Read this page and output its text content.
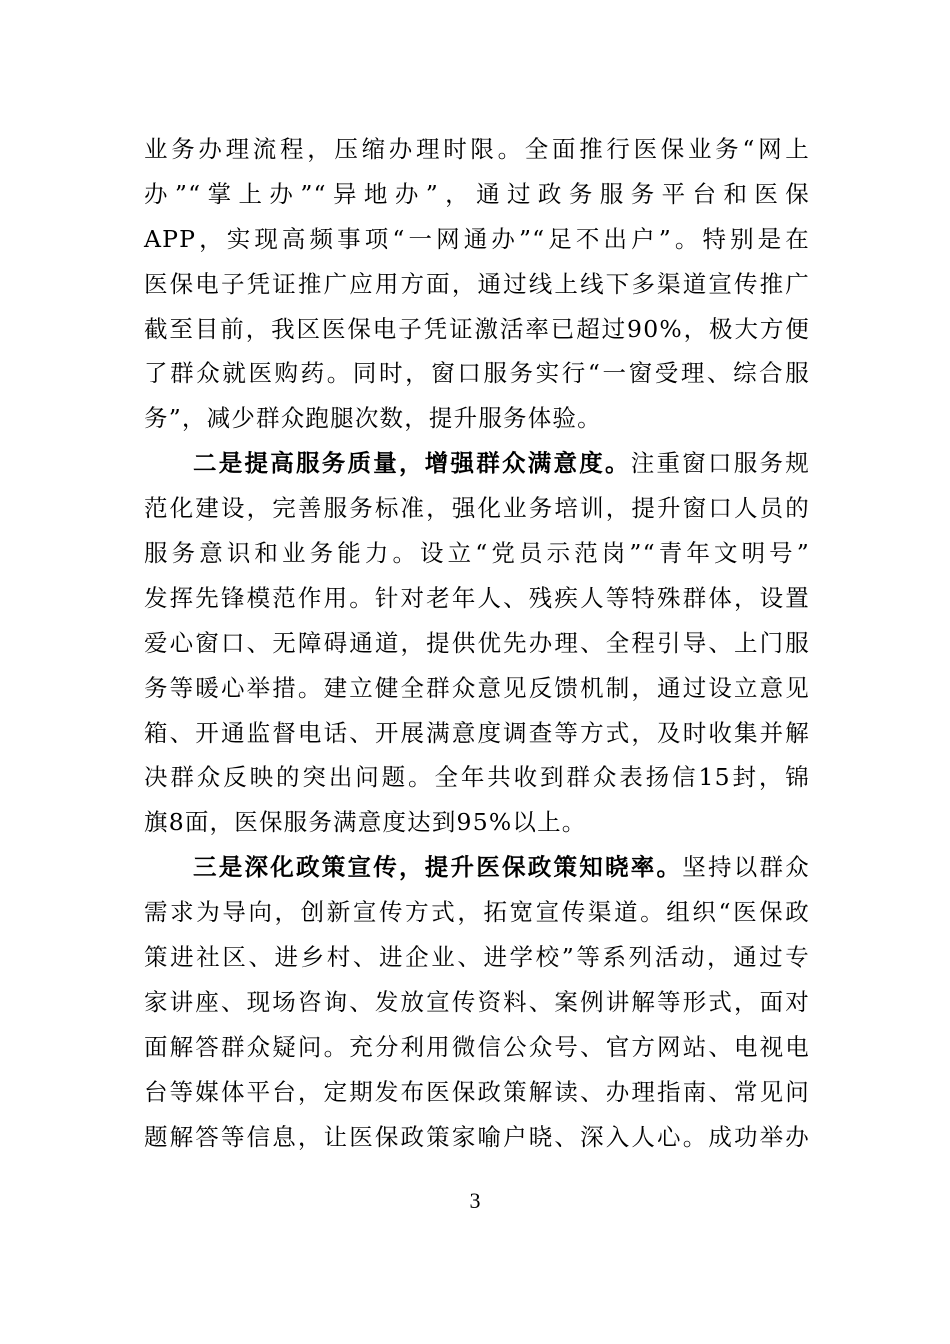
业务办理流程，压缩办理时限。全面推行医保业务“网上
办”“掌上办”“异地办”，通过政务服务平台和医保
APP，实现高频事项“一网通办”“足不出户”。特别是在
医保电子凭证推广应用方面，通过线上线下多渠道宣传推广
截至目前，我区医保电子凭证激活率已超过90%，极大方便
了群众就医购药。同时，窗口服务实行“一窗受理、综合服
务”，减少群众跑腿次数，提升服务体验。
二是提高服务质量，增强群众满意度。注重窗口服务规
范化建设，完善服务标准，强化业务培训，提升窗口人员的
服务意识和业务能力。设立“党员示范岗”“青年文明号”
发挥先锋模范作用。针对老年人、残疾人等特殊群体，设置
爱心窗口、无障碍通道，提供优先办理、全程引导、上门服
务等暖心举措。建立健全群众意见反馈机制，通过设立意见
箱、开通监督电话、开展满意度调查等方式，及时收集并解
决群众反映的突出问题。全年共收到群众表扬信15封，锦
旗8面，医保服务满意度达到95%以上。
三是深化政策宣传，提升医保政策知晓率。坚持以群众
需求为导向，创新宣传方式，拓宽宣传渠道。组织“医保政
策进社区、进乡村、进企业、进学校”等系列活动，通过专
家讲座、现场咨询、发放宣传资料、案例讲解等形式，面对
面解答群众疑问。充分利用微信公众号、官方网站、电视电
台等媒体平台，定期发布医保政策解读、办理指南、常见问
题解答等信息，让医保政策家喻户晓、深入人心。成功举办
3
